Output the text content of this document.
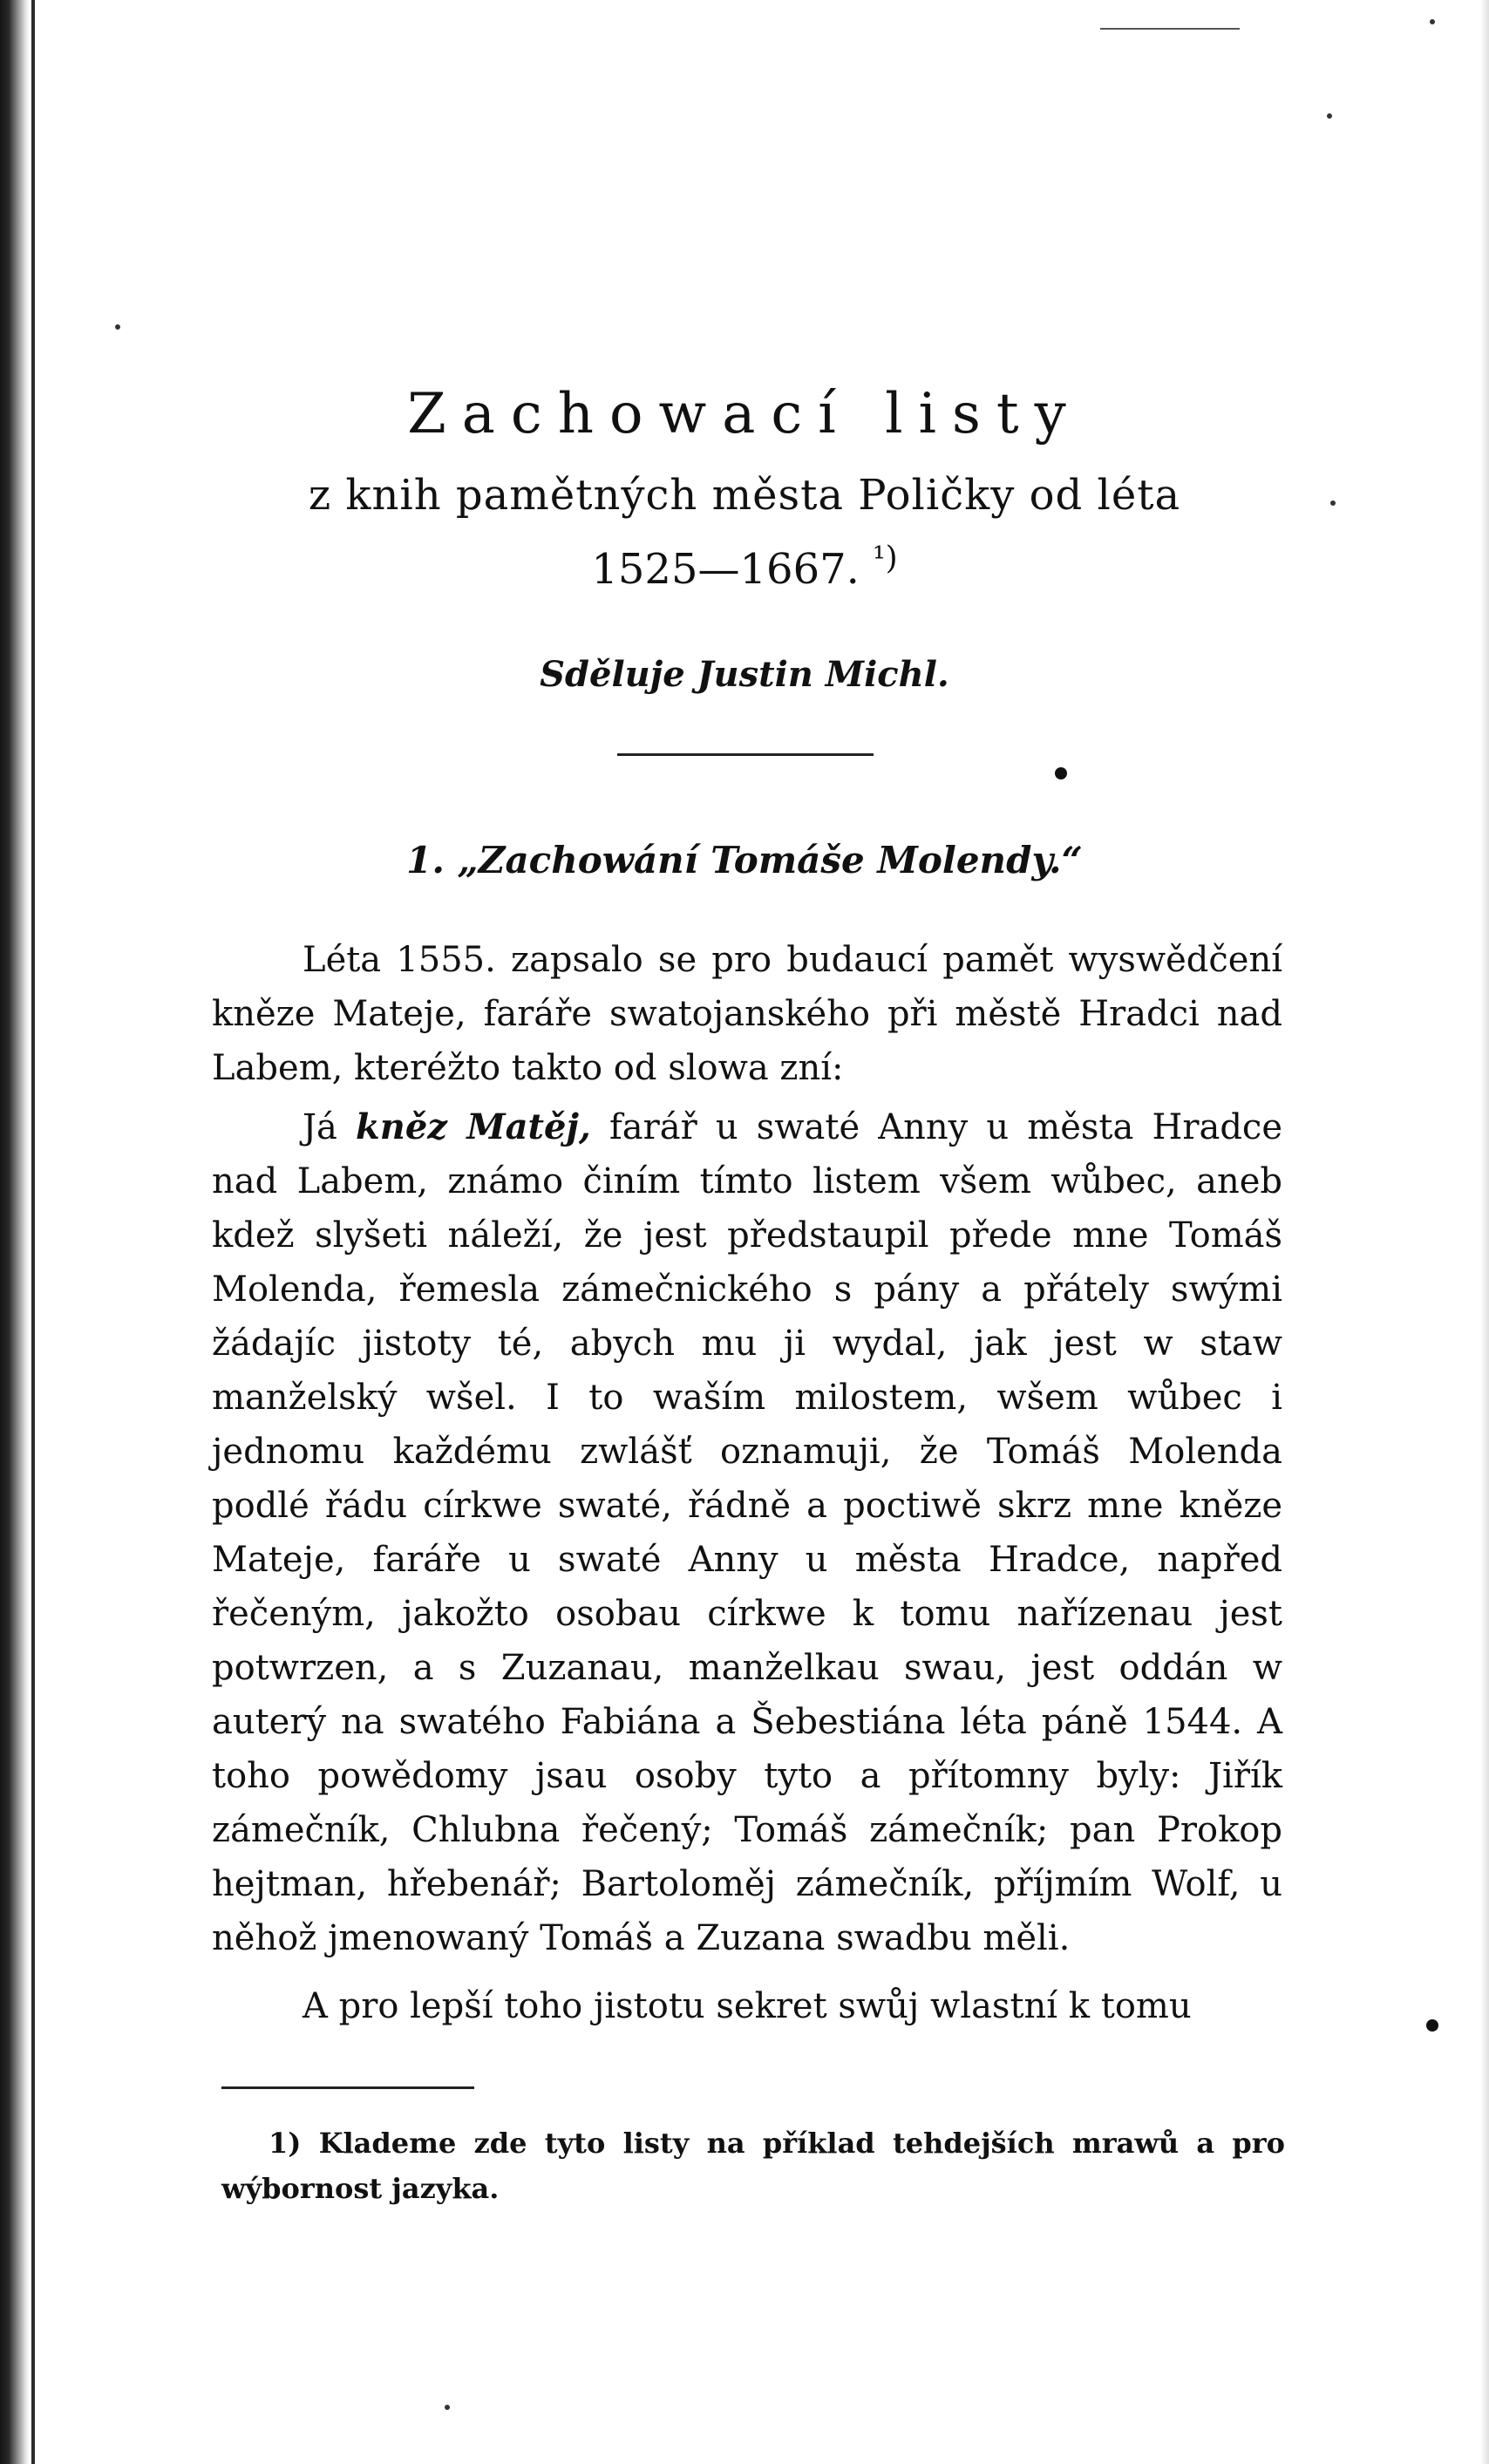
Zachowací listy
z knih pamětných města Poličky od léta
1525—1667. $^{^1)}$
Sděluje Justin Michl.
1. „Zachowání Tomáše Molendy.“

Léta 1555. zapsalo se pro budaucí pamět wyswědčení kněze Mateje, faráře swatojanského při městě Hradci nad Labem, kteréžto takto od slowa zní:

Já kněz Matěj, farář u swaté Anny u města Hradce nad Labem, známo činím tímto listem všem wůbec, aneb kdež slyšeti náleží, že jest předstaupil přede mne Tomáš Molenda, řemesla zámečnického s pány a přátely swými žádajíc jistoty té, abych mu ji wydal, jak jest w staw manželský wšel. I to waším milostem, wšem wůbec i jednomu každému zwlášť oznamuji, že Tomáš Molenda podlé řádu církwe swaté, řádně a poctiwě skrz mne kněze Mateje, faráře u swaté Anny u města Hradce, napřed řečeným, jakožto osobau církwe k tomu nařízenau jest potwrzen, a s Zuzanau, manželkau swau, jest oddán w auterý na swatého Fabiána a Šebestiána léta páně 1544. A toho powědomy jsau osoby tyto a přítomny byly: Jiřík zámečník, Chlubna řečený; Tomáš zámečník; pan Prokop hejtman, hřebenář; Bartoloměj zámečník, příjmím Wolf, u něhož jmenowaný Tomáš a Zuzana swadbu měli.

A pro lepší toho jistotu sekret swůj wlastní k tomu

1) Klademe zde tyto listy na příklad tehdejších mrawů a pro wýbornost jazyka.
